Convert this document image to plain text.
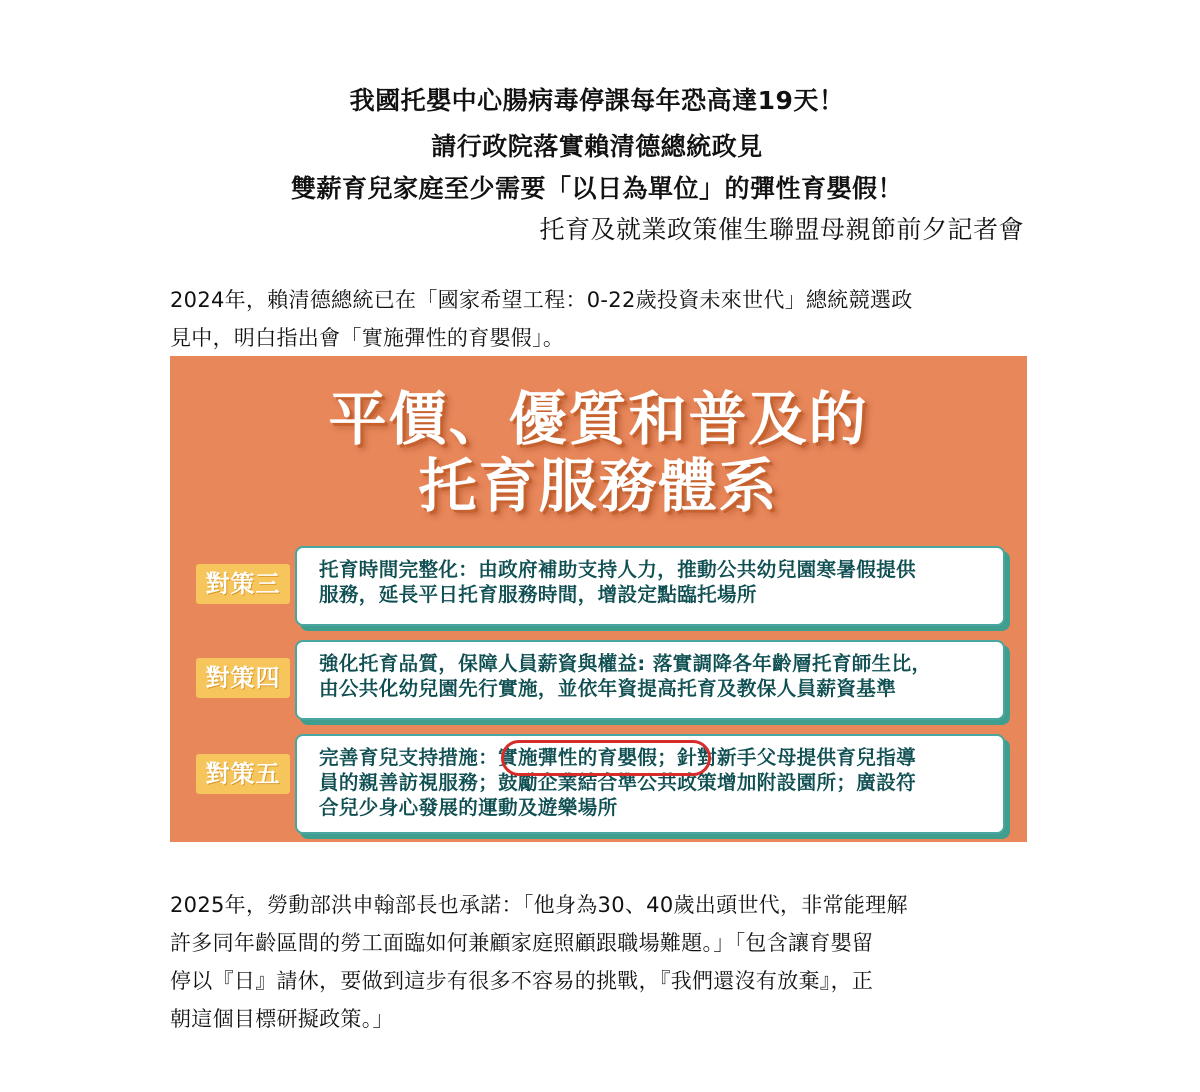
我國托嬰中心腸病毒停課每年恐高達19天！
請行政院落實賴清德總統政見
雙薪育兒家庭至少需要「以日為單位」的彈性育嬰假！
托育及就業政策催生聯盟母親節前夕記者會
2024年，賴清德總統已在「國家希望工程：0-22歲投資未來世代」總統競選政
見中，明白指出會「實施彈性的育嬰假」。
平價、優質和普及的
托育服務體系
對策三
托育時間完整化：由政府補助支持人力，推動公共幼兒園寒暑假提供
服務，延長平日托育服務時間，增設定點臨托場所
對策四
強化托育品質，保障人員薪資與權益: 落實調降各年齡層托育師生比，
由公共化幼兒園先行實施，並依年資提高托育及教保人員薪資基準
對策五
完善育兒支持措施：實施彈性的育嬰假；針對新手父母提供育兒指導
員的親善訪視服務；鼓勵企業結合準公共政策增加附設園所；廣設符
合兒少身心發展的運動及遊樂場所
2025年，勞動部洪申翰部長也承諾：「他身為30、40歲出頭世代，非常能理解
許多同年齡區間的勞工面臨如何兼顧家庭照顧跟職場難題。」「包含讓育嬰留
停以『日』請休，要做到這步有很多不容易的挑戰，『我們還沒有放棄』，正
朝這個目標研擬政策。」
